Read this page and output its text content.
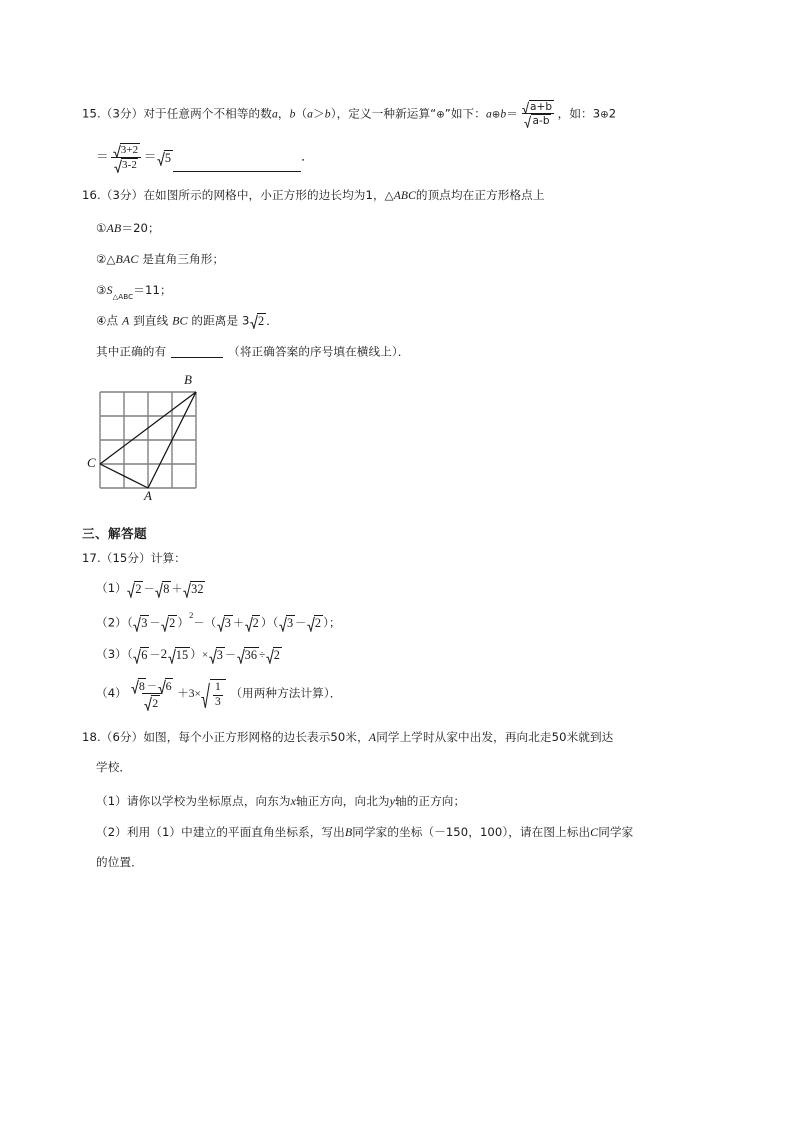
15.（3分）对于任意两个不相等的数a，b（a＞b），定义一种新运算“⊕”如下：a⊕b＝ $\frac{a+b}{a-b}$ ，如：3⊕2
＝ $\frac{3+2}{3-2} = 5$	．
16.（3分）在如图所示的网格中，小正方形的边长均为1，△ABC的顶点均在正方形格点上
①AB＝20；
②△BAC 是直角三角形；
$③S_{\triangle ABC}=11$；
④点 A 到直线 BC 的距离是 3 2 ．
其中正确的有	（将正确答案的序号填在横线上）．
B
A
C
三、解答题
17.（15分）计算：
（1） 2 － 8 ＋ 32
（2）（ 3 － 2 ）$^2$－（ 3 ＋ 2 ）（ 3 － 2 ）；
（3）（ 6 －2 15 ）× 3 － 36 ÷ 2
$(4) \frac{8 - 6}{2} +3\times \frac{1}{3}$ （用两种方法计算）．
18.（6分）如图，每个小正方形网格的边长表示50米，A同学上学时从家中出发，再向北走50米就到达
学校．
（1）请你以学校为坐标原点，向东为x轴正方向，向北为y轴的正方向；
（2）利用（1）中建立的平面直角坐标系，写出B同学家的坐标（－150，100），请在图上标出C同学家
的位置．
